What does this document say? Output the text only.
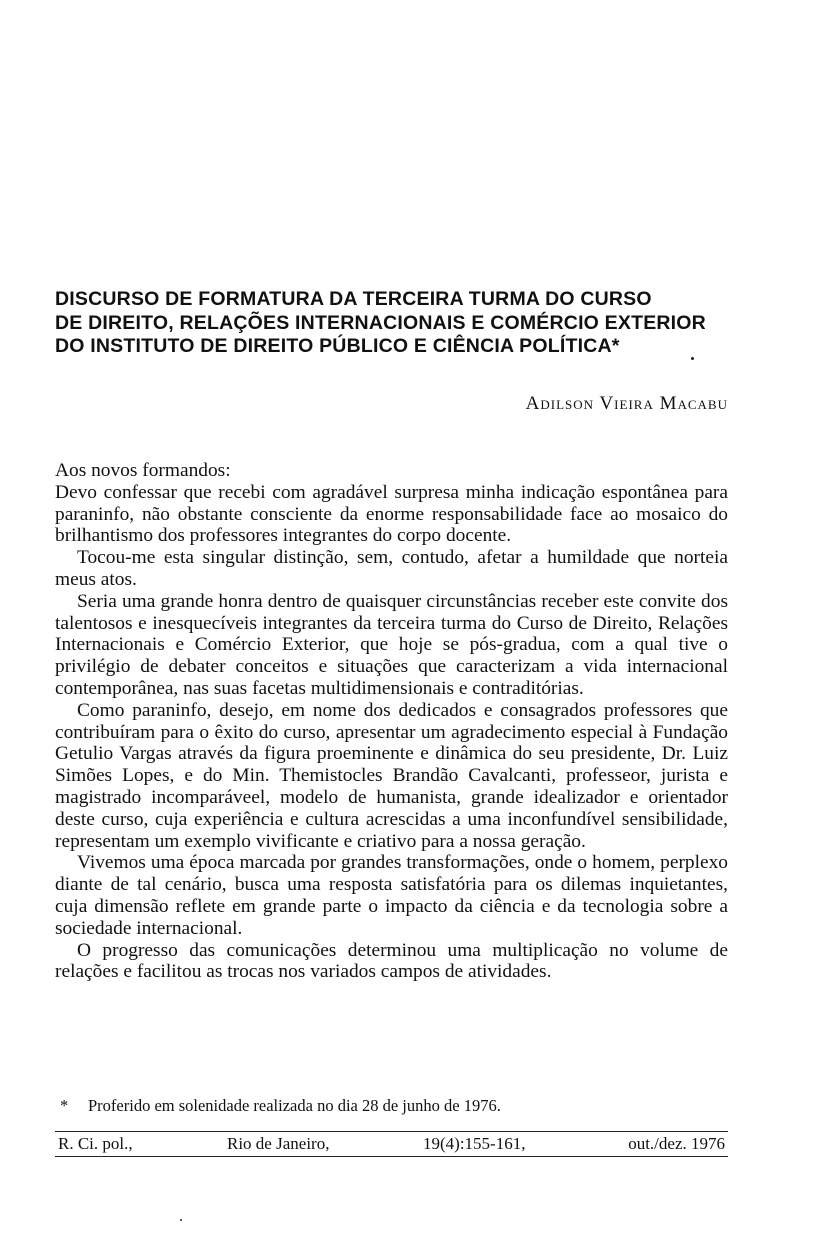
DISCURSO DE FORMATURA DA TERCEIRA TURMA DO CURSO
DE DIREITO, RELAÇÕES INTERNACIONAIS E COMÉRCIO EXTERIOR
DO INSTITUTO DE DIREITO PÚBLICO E CIÊNCIA POLÍTICA*
Adilson Vieira Macabu

Aos novos formandos:

Devo confessar que recebi com agradável surpresa minha indicação espontânea para paraninfo, não obstante consciente da enorme responsabilidade face ao mosaico do brilhantismo dos professores integrantes do corpo docente.

Tocou-me esta singular distinção, sem, contudo, afetar a humildade que norteia meus atos.

Seria uma grande honra dentro de quaisquer circunstâncias receber este convite dos talentosos e inesquecíveis integrantes da terceira turma do Curso de Direito, Relações Internacionais e Comércio Exterior, que hoje se pós-gradua, com a qual tive o privilégio de debater conceitos e situações que caracterizam a vida internacional contemporânea, nas suas facetas multidimensionais e contraditórias.

Como paraninfo, desejo, em nome dos dedicados e consagrados professores que contribuíram para o êxito do curso, apresentar um agradecimento especial à Fundação Getulio Vargas através da figura proeminente e dinâmica do seu presidente, Dr. Luiz Simões Lopes, e do Min. Themistocles Brandão Cavalcanti, professeor, jurista e magistrado incomparáveel, modelo de humanista, grande idealizador e orientador deste curso, cuja experiência e cultura acrescidas a uma inconfundível sensibilidade, representam um exemplo vivificante e criativo para a nossa geração.

Vivemos uma época marcada por grandes transformações, onde o homem, perplexo diante de tal cenário, busca uma resposta satisfatória para os dilemas inquietantes, cuja dimensão reflete em grande parte o impacto da ciência e da tecnologia sobre a sociedade internacional.

O progresso das comunicações determinou uma multiplicação no volume de relações e facilitou as trocas nos variados campos de atividades.

* Proferido em solenidade realizada no dia 28 de junho de 1976.
R. Ci. pol.,	Rio de Janeiro,	19(4):155-161,	out./dez. 1976
